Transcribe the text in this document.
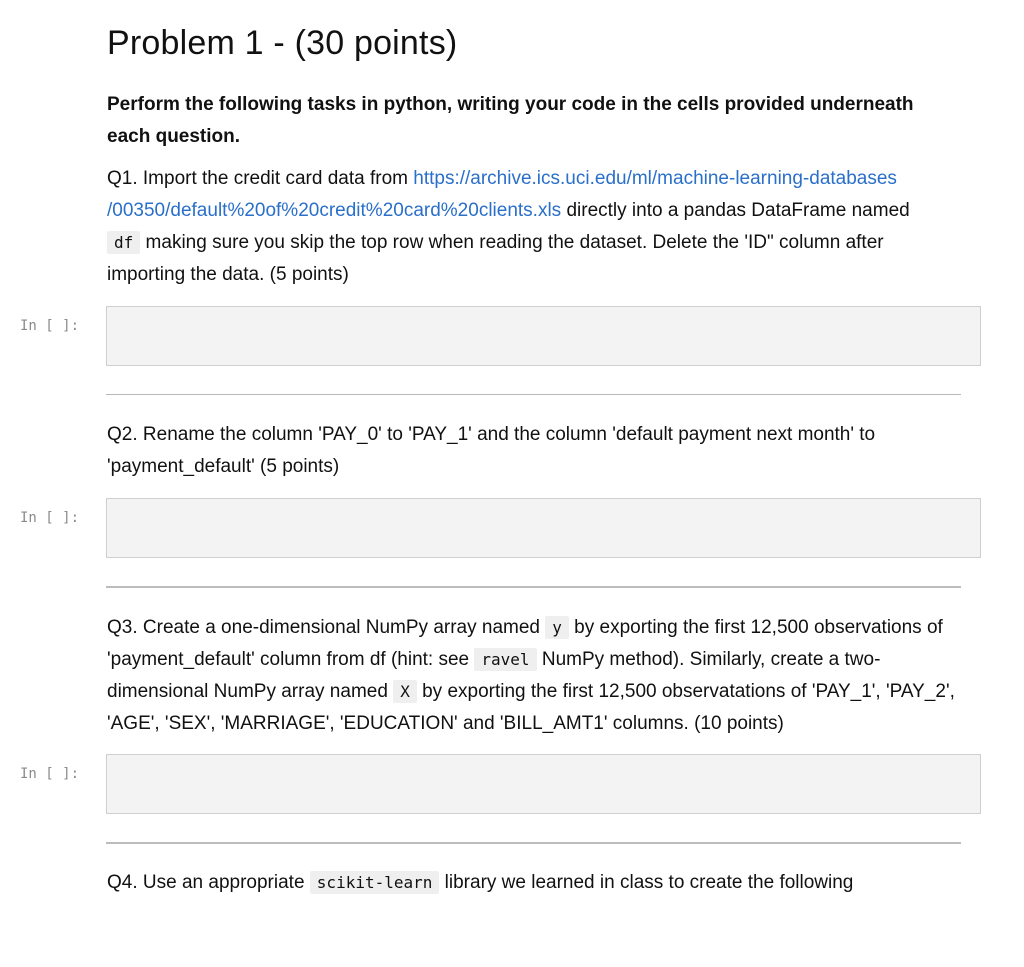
Problem 1 - (30 points)

Perform the following tasks in python, writing your code in the cells provided underneath each question.

Q1. Import the credit card data from https://archive.ics.uci.edu/ml/machine-learning-databases
/00350/default%20of%20credit%20card%20clients.xls directly into a pandas DataFrame named
df making sure you skip the top row when reading the dataset. Delete the 'ID" column after importing the data. (5 points)

In [ ]:

Q2. Rename the column 'PAY_0' to 'PAY_1' and the column 'default payment next month' to 'payment_default' (5 points)

In [ ]:

Q3. Create a one-dimensional NumPy array named y by exporting the first 12,500 observations of 'payment_default' column from df (hint: see ravel NumPy method). Similarly, create a two-dimensional NumPy array named X by exporting the first 12,500 observatations of 'PAY_1', 'PAY_2', 'AGE', 'SEX', 'MARRIAGE', 'EDUCATION' and 'BILL_AMT1' columns. (10 points)

In [ ]:

Q4. Use an appropriate scikit-learn library we learned in class to create the following
